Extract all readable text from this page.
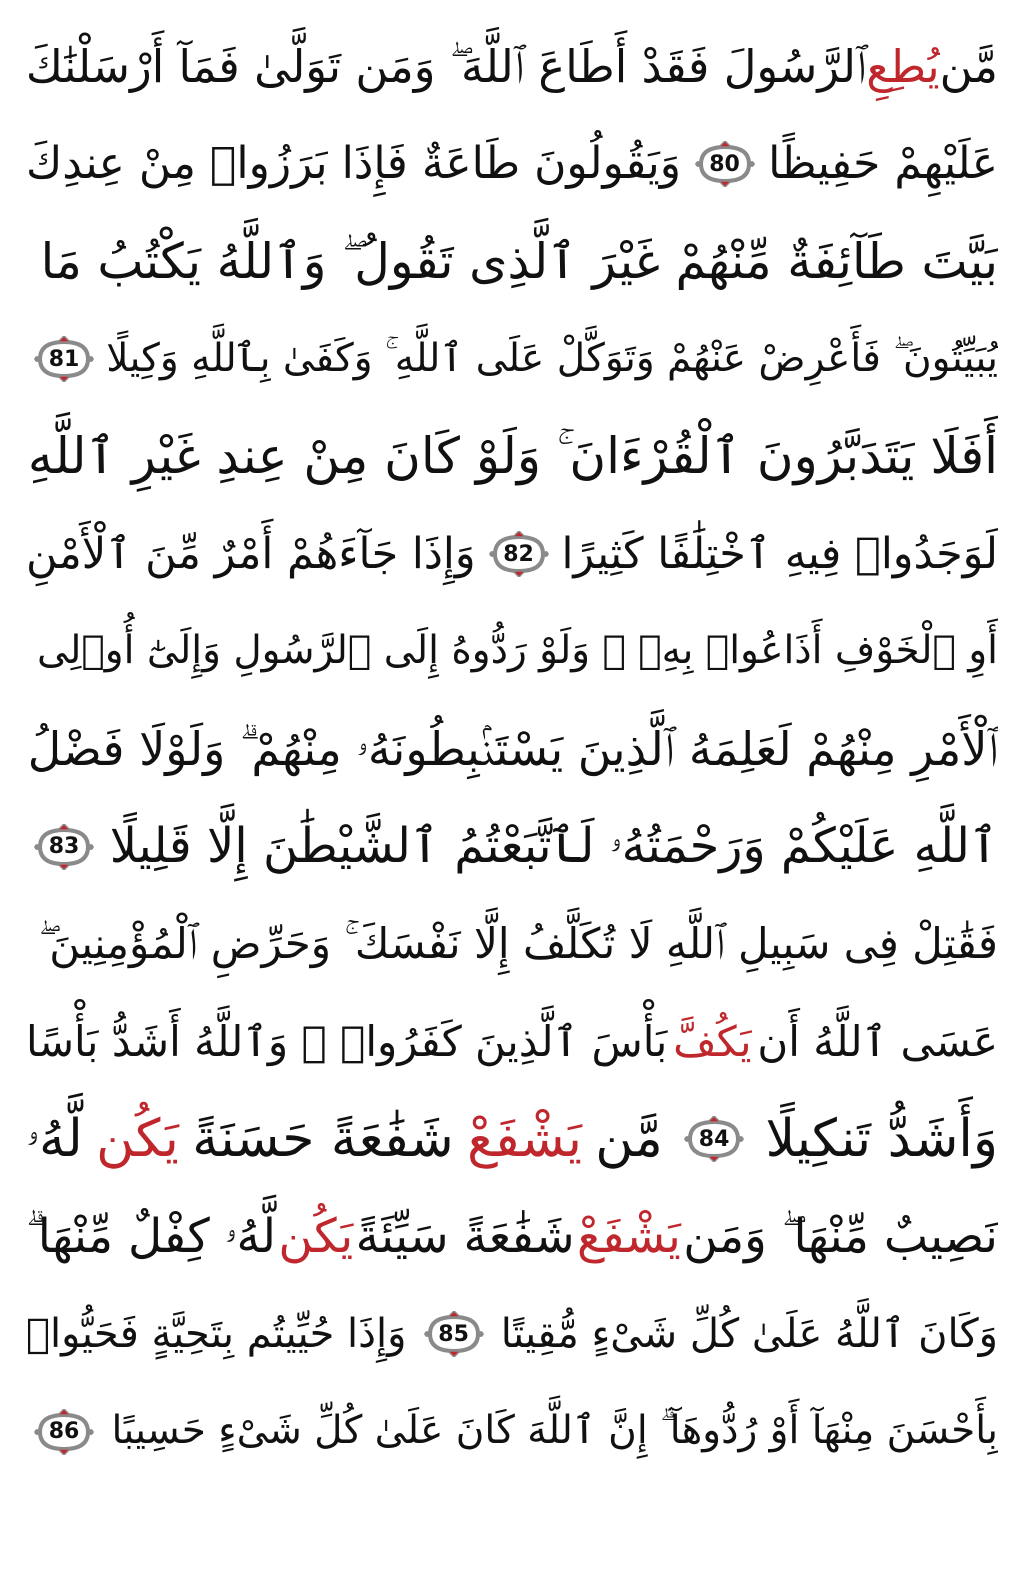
مَّن
يُطِعِ
ٱلرَّسُولَ فَقَدْ أَطَاعَ ٱللَّهَ ۖ وَمَن تَوَلَّىٰ فَمَآ أَرْسَلْنَٰكَ
عَلَيْهِمْ حَفِيظًا
80
وَيَقُولُونَ طَاعَةٌ فَإِذَا بَرَزُوا۟ مِنْ عِندِكَ
بَيَّتَ طَآئِفَةٌ مِّنْهُمْ غَيْرَ ٱلَّذِى تَقُولُ ۖ وَٱللَّهُ يَكْتُبُ مَا
يُبَيِّتُونَ ۖ فَأَعْرِضْ عَنْهُمْ وَتَوَكَّلْ عَلَى ٱللَّهِ ۚ وَكَفَىٰ بِٱللَّهِ وَكِيلًا
81
أَفَلَا يَتَدَبَّرُونَ ٱلْقُرْءَانَ ۚ وَلَوْ كَانَ مِنْ عِندِ غَيْرِ ٱللَّهِ
لَوَجَدُوا۟ فِيهِ ٱخْتِلَٰفًا كَثِيرًا
82
وَإِذَا جَآءَهُمْ أَمْرٌ مِّنَ ٱلْأَمْنِ
أَوِ ٱلْخَوْفِ أَذَاعُوا۟ بِهِۦ ۖ وَلَوْ رَدُّوهُ إِلَى ٱلرَّسُولِ وَإِلَىٰٓ أُو۟لِى
ٱلْأَمْرِ مِنْهُمْ لَعَلِمَهُ ٱلَّذِينَ يَسْتَنۢبِطُونَهُۥ مِنْهُمْ ۗ وَلَوْلَا فَضْلُ
ٱللَّهِ عَلَيْكُمْ وَرَحْمَتُهُۥ لَٱتَّبَعْتُمُ ٱلشَّيْطَٰنَ إِلَّا قَلِيلًا
83
فَقَٰتِلْ فِى سَبِيلِ ٱللَّهِ لَا تُكَلَّفُ إِلَّا نَفْسَكَ ۚ وَحَرِّضِ ٱلْمُؤْمِنِينَ ۖ
عَسَى ٱللَّهُ أَن
يَكُفَّ
بَأْسَ ٱلَّذِينَ كَفَرُوا۟ ۚ وَٱللَّهُ أَشَدُّ بَأْسًا
وَأَشَدُّ تَنكِيلًا
84
مَّن
يَشْفَعْ
شَفَٰعَةً حَسَنَةً
يَكُن
لَّهُۥ
نَصِيبٌ مِّنْهَا ۖ وَمَن
يَشْفَعْ
شَفَٰعَةً سَيِّئَةً
يَكُن
لَّهُۥ كِفْلٌ مِّنْهَا ۗ
وَكَانَ ٱللَّهُ عَلَىٰ كُلِّ شَىْءٍ مُّقِيتًا
85
وَإِذَا حُيِّيتُم بِتَحِيَّةٍ فَحَيُّوا۟
بِأَحْسَنَ مِنْهَآ أَوْ رُدُّوهَآ ۗ إِنَّ ٱللَّهَ كَانَ عَلَىٰ كُلِّ شَىْءٍ حَسِيبًا
86
